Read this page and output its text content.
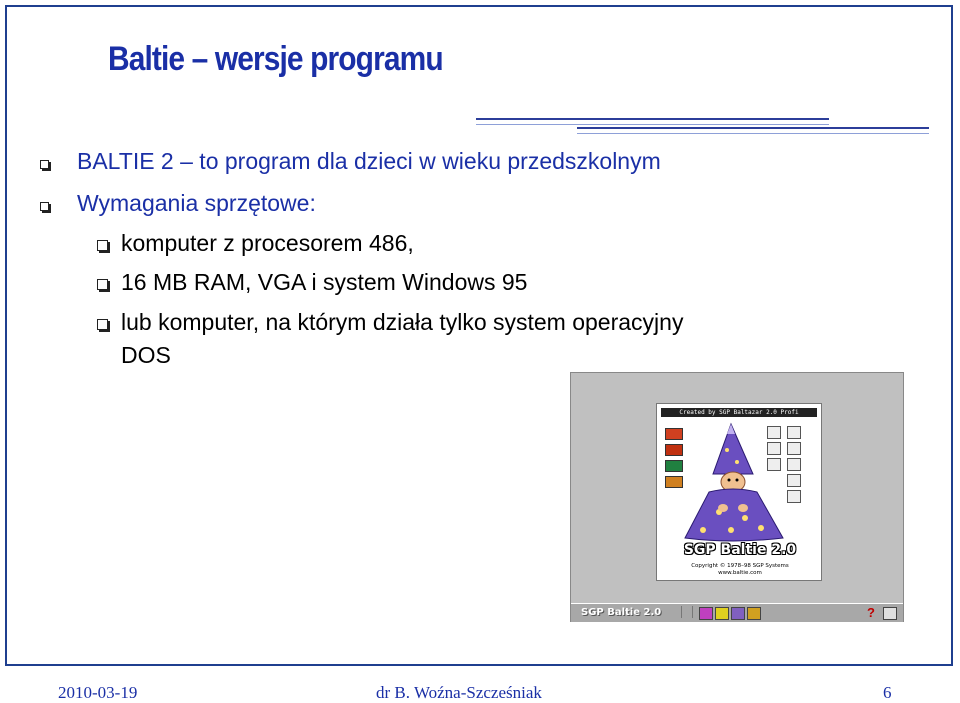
Baltie – wersje programu
BALTIE 2 – to program dla dzieci w wieku przedszkolnym
Wymagania sprzętowe:
komputer z procesorem 486,
16 MB RAM, VGA i system Windows 95
lub komputer, na którym działa tylko system operacyjny
DOS
Created by SGP Baltazar 2.0 Profi
SGP Baltie 2.0
Copyright © 1978–98 SGP Systems
www.baltie.com
SGP Baltie 2.0	?
2010-03-19	dr B. Woźna-Szcześniak	6
